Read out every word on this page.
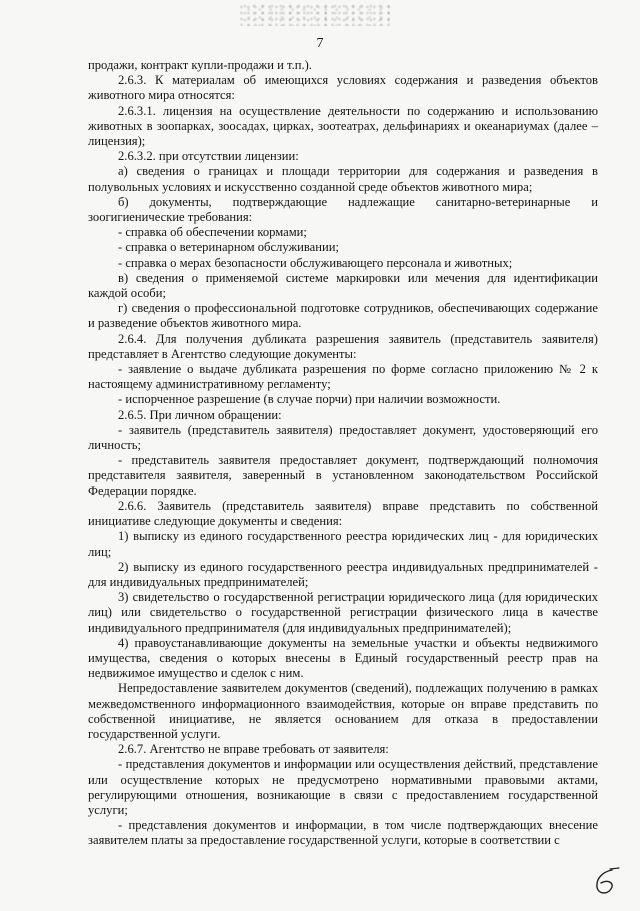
7

продажи, контракт купли-продажи и т.п.).

2.6.3. К материалам об имеющихся условиях содержания и разведения объектов животного мира относятся:

2.6.3.1. лицензия на осуществление деятельности по содержанию и использованию животных в зоопарках, зоосадах, цирках, зоотеатрах, дельфинариях и океанариумах (далее – лицензия);

2.6.3.2. при отсутствии лицензии:

а) сведения о границах и площади территории для содержания и разведения в полувольных условиях и искусственно созданной среде объектов животного мира;

б) документы, подтверждающие надлежащие санитарно-ветеринарные и зоогигиенические требования:

- справка об обеспечении кормами;

- справка о ветеринарном обслуживании;

- справка о мерах безопасности обслуживающего персонала и животных;

в) сведения о применяемой системе маркировки или мечения для идентификации каждой особи;

г) сведения о профессиональной подготовке сотрудников, обеспечивающих содержание и разведение объектов животного мира.

2.6.4. Для получения дубликата разрешения заявитель (представитель заявителя) представляет в Агентство следующие документы:

- заявление о выдаче дубликата разрешения по форме согласно приложению № 2 к настоящему административному регламенту;

- испорченное разрешение (в случае порчи) при наличии возможности.

2.6.5. При личном обращении:

- заявитель (представитель заявителя) предоставляет документ, удостоверяющий его личность;

- представитель заявителя предоставляет документ, подтверждающий полномочия представителя заявителя, заверенный в установленном законодательством Российской Федерации порядке.

2.6.6. Заявитель (представитель заявителя) вправе представить по собственной инициативе следующие документы и сведения:

1) выписку из единого государственного реестра юридических лиц - для юридических лиц;

2) выписку из единого государственного реестра индивидуальных предпринимателей - для индивидуальных предпринимателей;

3) свидетельство о государственной регистрации юридического лица (для юридических лиц) или свидетельство о государственной регистрации физического лица в качестве индивидуального предпринимателя (для индивидуальных предпринимателей);

4) правоустанавливающие документы на земельные участки и объекты недвижимого имущества, сведения о которых внесены в Единый государственный реестр прав на недвижимое имущество и сделок с ним.

Непредоставление заявителем документов (сведений), подлежащих получению в рамках межведомственного информационного взаимодействия, которые он вправе представить по собственной инициативе, не является основанием для отказа в предоставлении государственной услуги.

2.6.7. Агентство не вправе требовать от заявителя:

- представления документов и информации или осуществления действий, представление или осуществление которых не предусмотрено нормативными правовыми актами, регулирующими отношения, возникающие в связи с предоставлением государственной услуги;

- представления документов и информации, в том числе подтверждающих внесение заявителем платы за предоставление государственной услуги, которые в соответствии с
